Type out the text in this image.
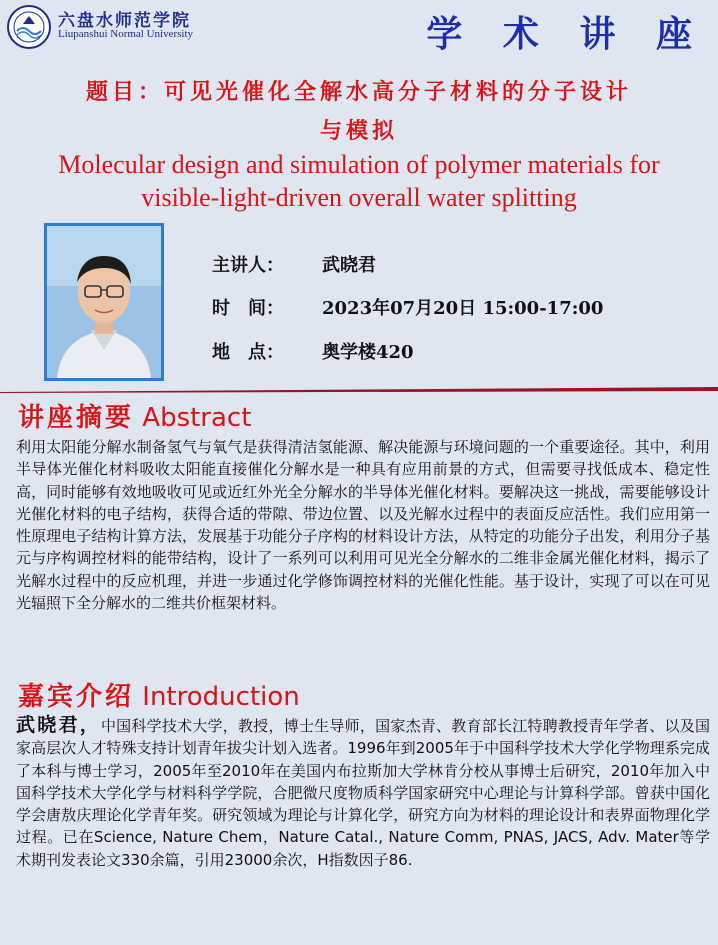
六盘水师范学院
Liupanshui Normal University	学 术 讲 座
题目：可见光催化全解水高分子材料的分子设计
与模拟
Molecular design and simulation of polymer materials for
visible-light-driven overall water splitting
主讲人： 武晓君
时　间： 2023年07月20日 15:00-17:00
地　点： 奥学楼420
讲座摘要 Abstract

利用太阳能分解水制备氢气与氧气是获得清洁氢能源、解决能源与环境问题的一个重要途径。其中，利用半导体光催化材料吸收太阳能直接催化分解水是一种具有应用前景的方式，但需要寻找低成本、稳定性高，同时能够有效地吸收可见或近红外光全分解水的半导体光催化材料。要解决这一挑战，需要能够设计光催化材料的电子结构，获得合适的带隙、带边位置、以及光解水过程中的表面反应活性。我们应用第一性原理电子结构计算方法，发展基于功能分子序构的材料设计方法，从特定的功能分子出发，利用分子基元与序构调控材料的能带结构，设计了一系列可以利用可见光全分解水的二维非金属光催化材料，揭示了光解水过程中的反应机理，并进一步通过化学修饰调控材料的光催化性能。基于设计，实现了可以在可见光辐照下全分解水的二维共价框架材料。

嘉宾介绍 Introduction

武晓君，中国科学技术大学，教授，博士生导师，国家杰青、教育部长江特聘教授青年学者、以及国家高层次人才特殊支持计划青年拔尖计划入选者。1996年到2005年于中国科学技术大学化学物理系完成了本科与博士学习，2005年至2010年在美国内布拉斯加大学林肯分校从事博士后研究，2010年加入中国科学技术大学化学与材料科学学院，合肥微尺度物质科学国家研究中心理论与计算科学部。曾获中国化学会唐敖庆理论化学青年奖。研究领域为理论与计算化学，研究方向为材料的理论设计和表界面物理化学过程。已在Science, Nature Chem，Nature Catal., Nature Comm, PNAS, JACS, Adv. Mater等学术期刊发表论文330余篇，引用23000余次，H指数因子86.
